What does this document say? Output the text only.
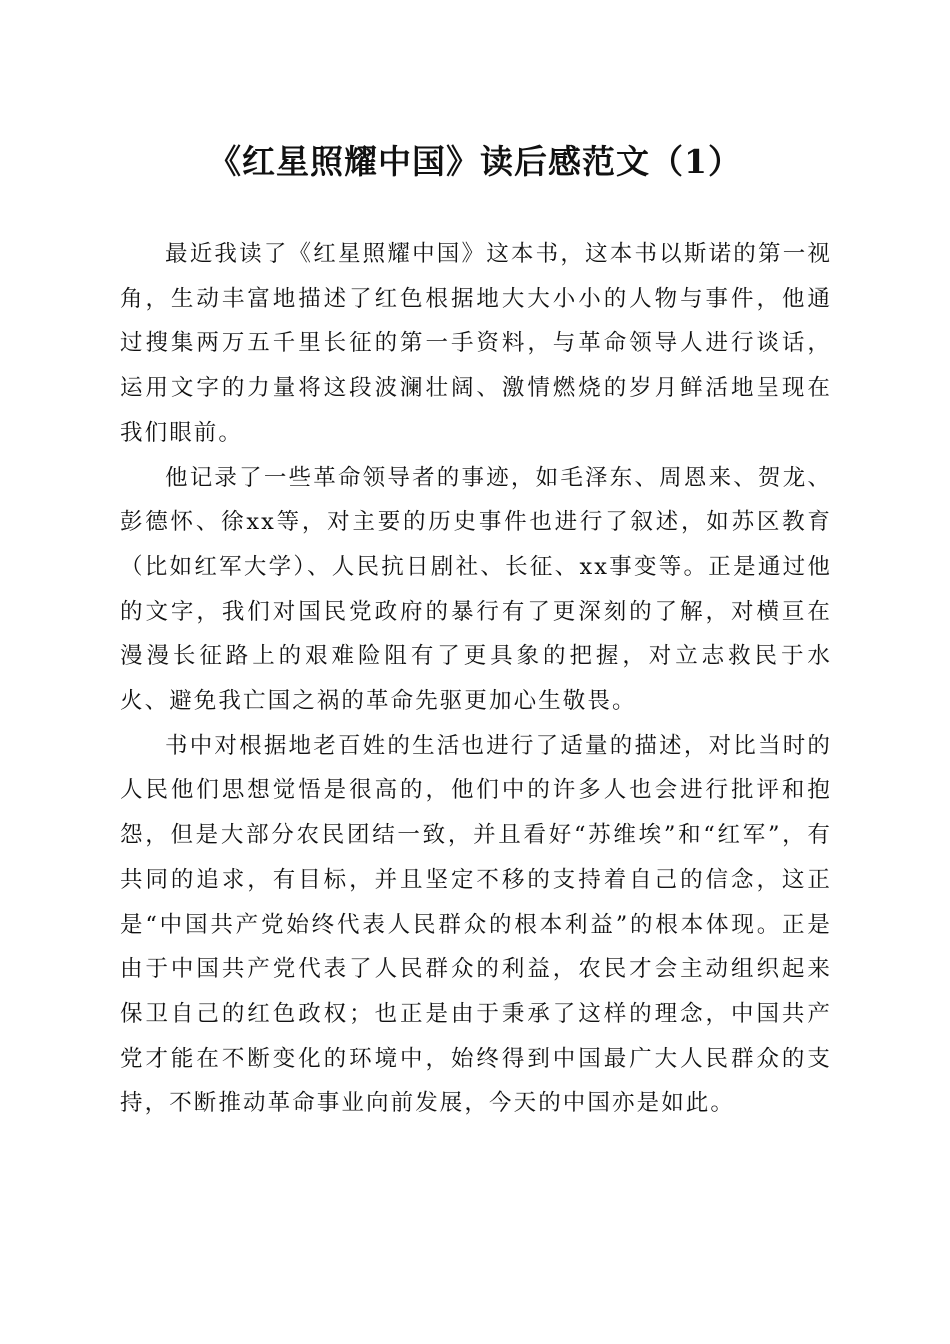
《红星照耀中国》读后感范文（1）

最近我读了《红星照耀中国》这本书，这本书以斯诺的第一视角，生动丰富地描述了红色根据地大大小小的人物与事件，他通过搜集两万五千里长征的第一手资料，与革命领导人进行谈话，运用文字的力量将这段波澜壮阔、激情燃烧的岁月鲜活地呈现在我们眼前。

他记录了一些革命领导者的事迹，如毛泽东、周恩来、贺龙、彭德怀、徐xx等，对主要的历史事件也进行了叙述，如苏区教育（比如红军大学）、人民抗日剧社、长征、xx事变等。正是通过他的文字，我们对国民党政府的暴行有了更深刻的了解，对横亘在漫漫长征路上的艰难险阻有了更具象的把握，对立志救民于水火、避免我亡国之祸的革命先驱更加心生敬畏。

书中对根据地老百姓的生活也进行了适量的描述，对比当时的人民他们思想觉悟是很高的，他们中的许多人也会进行批评和抱怨，但是大部分农民团结一致，并且看好“苏维埃”和“红军”，有共同的追求，有目标，并且坚定不移的支持着自己的信念，这正是“中国共产党始终代表人民群众的根本利益”的根本体现。正是由于中国共产党代表了人民群众的利益，农民才会主动组织起来保卫自己的红色政权；也正是由于秉承了这样的理念，中国共产党才能在不断变化的环境中，始终得到中国最广大人民群众的支持，不断推动革命事业向前发展，今天的中国亦是如此。
